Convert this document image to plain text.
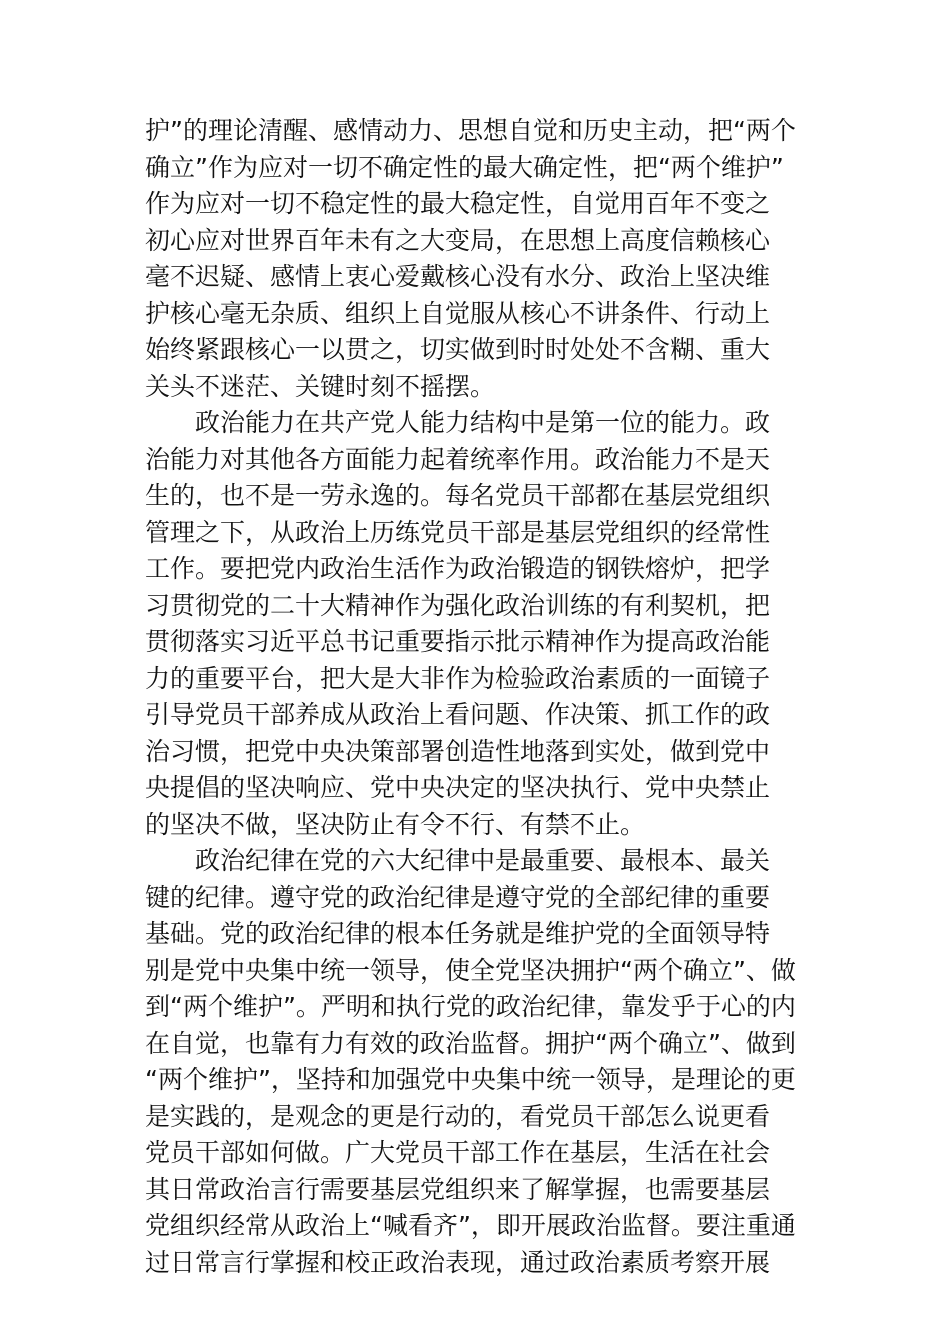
护”的理论清醒、感情动力、思想自觉和历史主动，把“两个
确立”作为应对一切不确定性的最大确定性，把“两个维护”
作为应对一切不稳定性的最大稳定性，自觉用百年不变之
初心应对世界百年未有之大变局，在思想上高度信赖核心
毫不迟疑、感情上衷心爱戴核心没有水分、政治上坚决维
护核心毫无杂质、组织上自觉服从核心不讲条件、行动上
始终紧跟核心一以贯之，切实做到时时处处不含糊、重大
关头不迷茫、关键时刻不摇摆。
　　政治能力在共产党人能力结构中是第一位的能力。政
治能力对其他各方面能力起着统率作用。政治能力不是天
生的，也不是一劳永逸的。每名党员干部都在基层党组织
管理之下，从政治上历练党员干部是基层党组织的经常性
工作。要把党内政治生活作为政治锻造的钢铁熔炉，把学
习贯彻党的二十大精神作为强化政治训练的有利契机，把
贯彻落实习近平总书记重要指示批示精神作为提高政治能
力的重要平台，把大是大非作为检验政治素质的一面镜子
引导党员干部养成从政治上看问题、作决策、抓工作的政
治习惯，把党中央决策部署创造性地落到实处，做到党中
央提倡的坚决响应、党中央决定的坚决执行、党中央禁止
的坚决不做，坚决防止有令不行、有禁不止。
　　政治纪律在党的六大纪律中是最重要、最根本、最关
键的纪律。遵守党的政治纪律是遵守党的全部纪律的重要
基础。党的政治纪律的根本任务就是维护党的全面领导特
别是党中央集中统一领导，使全党坚决拥护“两个确立”、做
到“两个维护”。严明和执行党的政治纪律，靠发乎于心的内
在自觉，也靠有力有效的政治监督。拥护“两个确立”、做到
“两个维护”，坚持和加强党中央集中统一领导，是理论的更
是实践的，是观念的更是行动的，看党员干部怎么说更看
党员干部如何做。广大党员干部工作在基层，生活在社会
其日常政治言行需要基层党组织来了解掌握，也需要基层
党组织经常从政治上“喊看齐”，即开展政治监督。要注重通
过日常言行掌握和校正政治表现，通过政治素质考察开展
